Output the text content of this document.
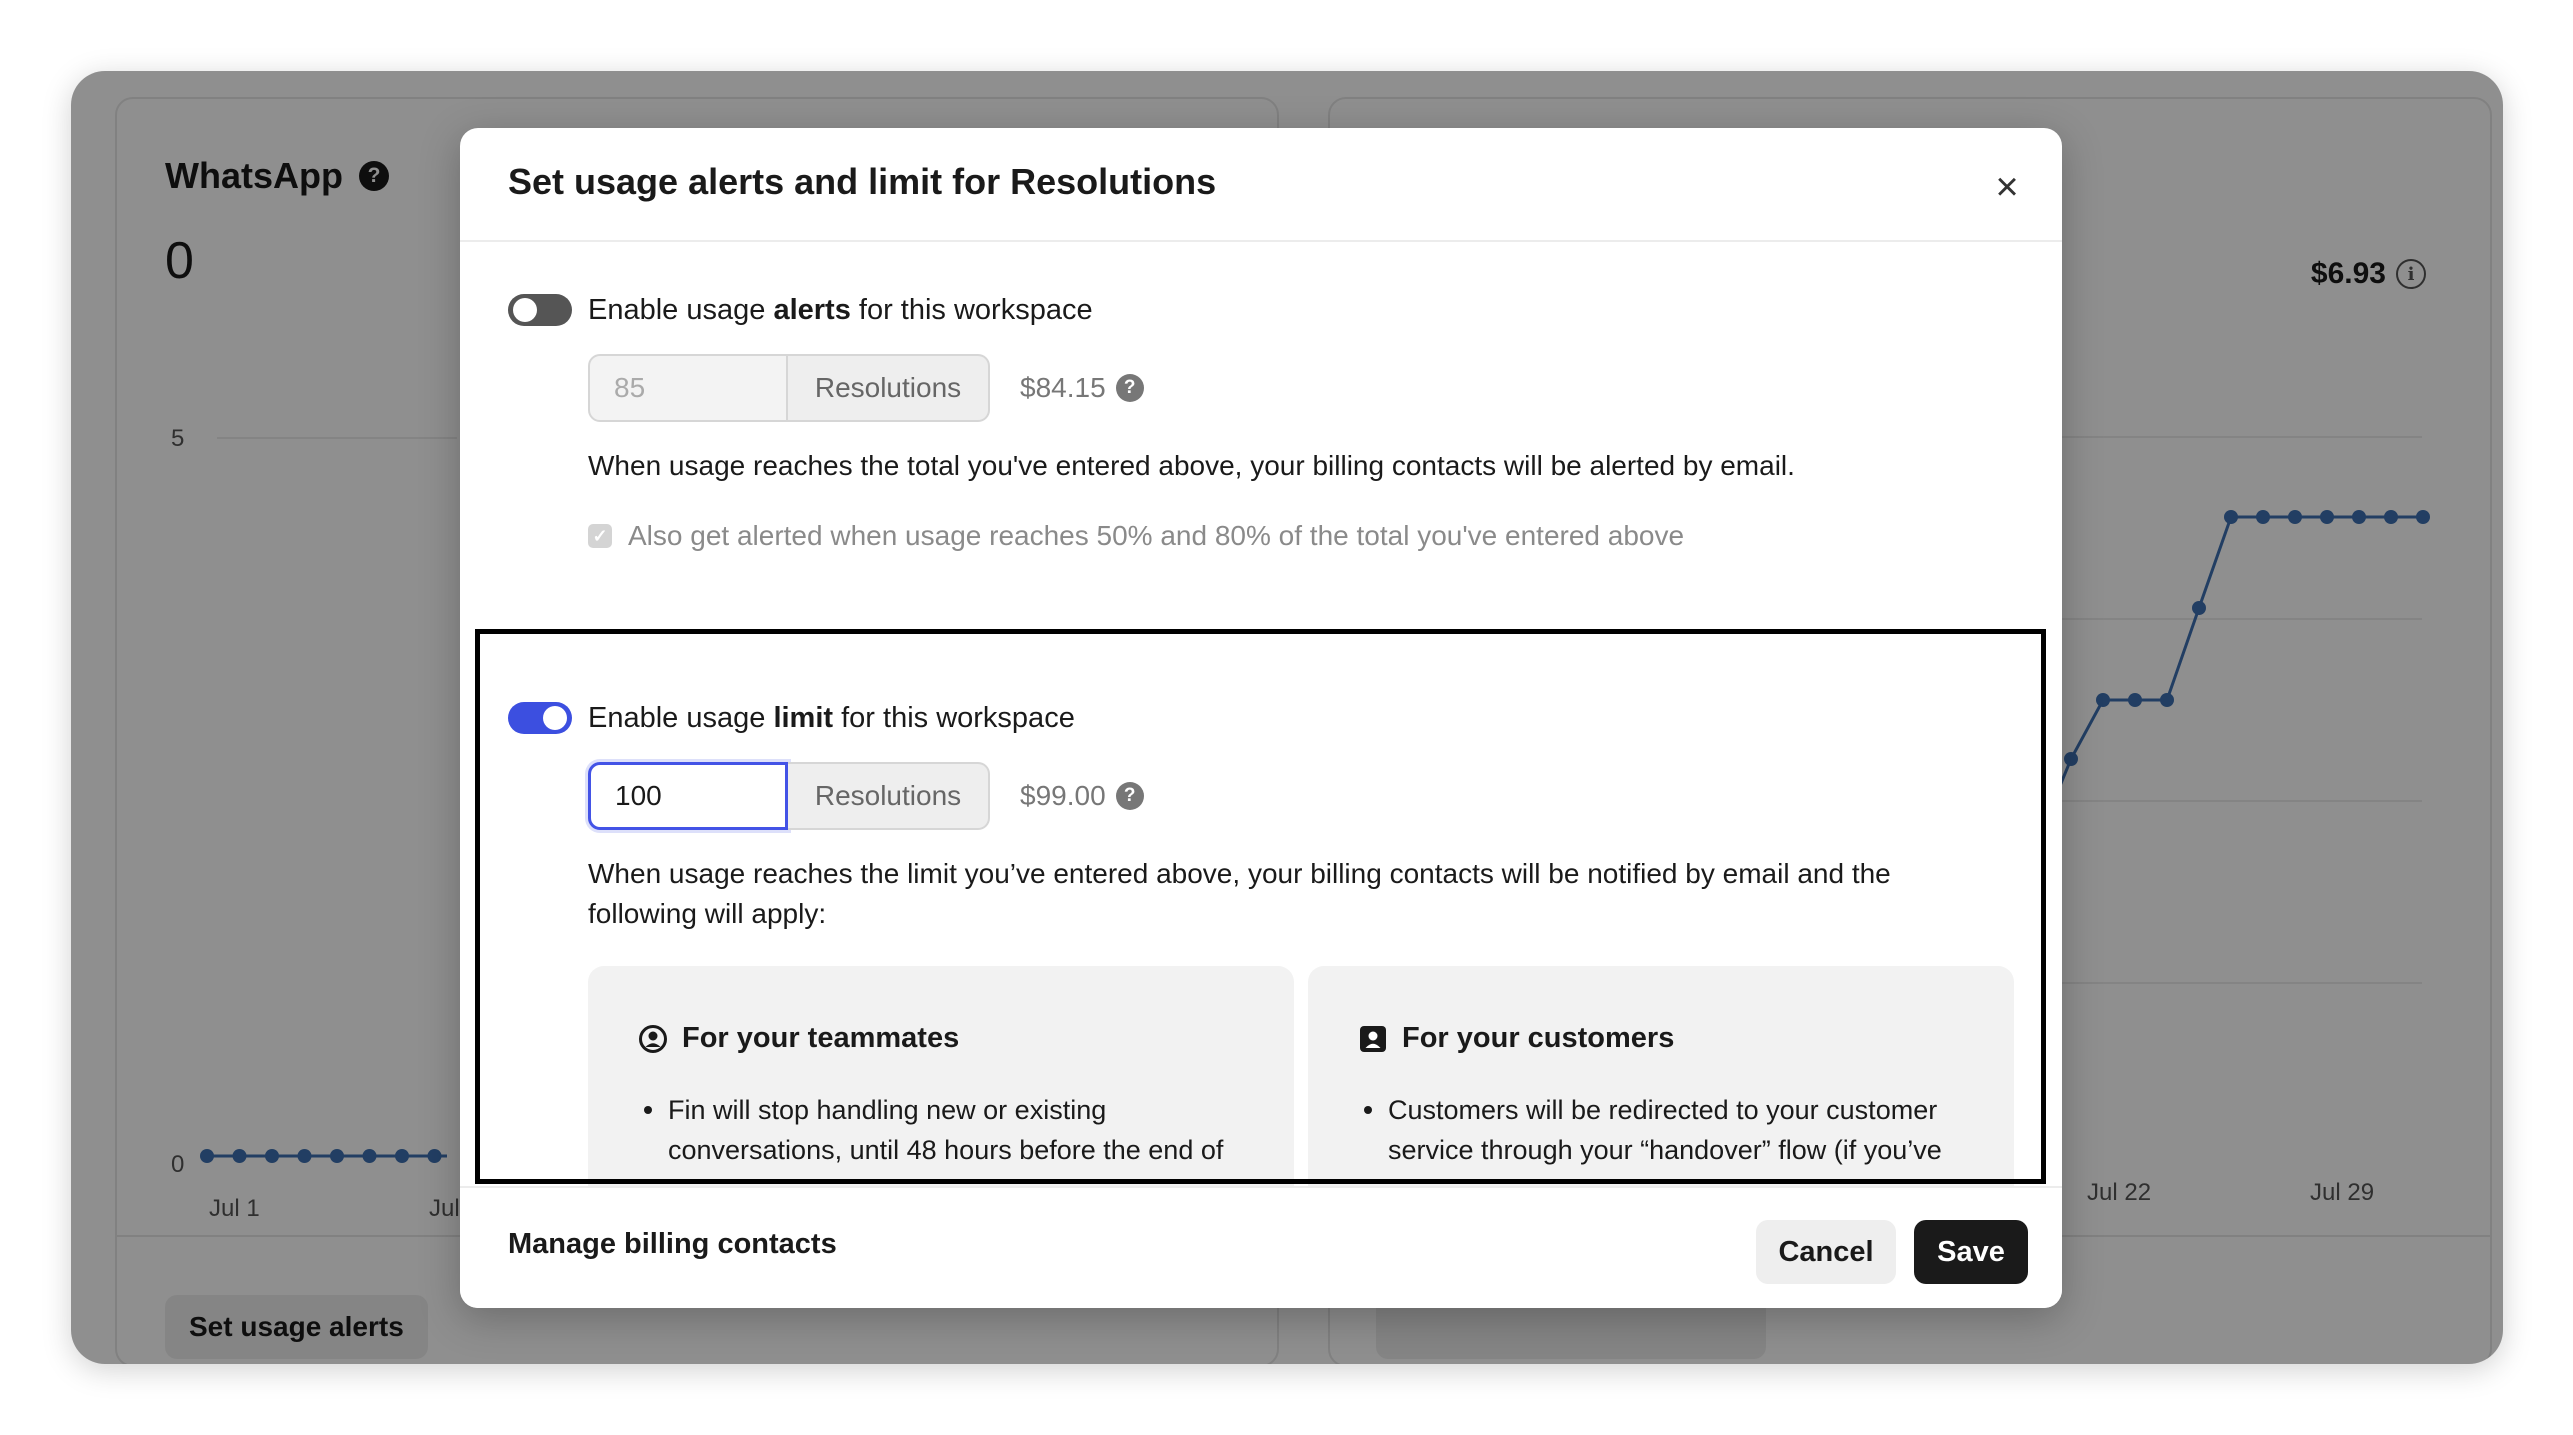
WhatsApp	?
0
5
0
Jul 1	Jul
Set usage alerts
$6.93	i
Jul 22	Jul 29
Set usage alerts and limit for Resolutions	×
Enable usage alerts for this workspace
85	Resolutions	$84.15 ?
When usage reaches the total you've entered above, your billing contacts will be alerted by email.
✓ Also get alerted when usage reaches 50% and 80% of the total you've entered above
Enable usage limit for this workspace
100	Resolutions	$99.00 ?
When usage reaches the limit you’ve entered above, your billing contacts will be notified by email and the following will apply:
For your teammates
Fin will stop handling new or existing conversations, until 48 hours before the end of
For your customers
Customers will be redirected to your customer service through your “handover” flow (if you’ve
Manage billing contacts	Cancel	Save
